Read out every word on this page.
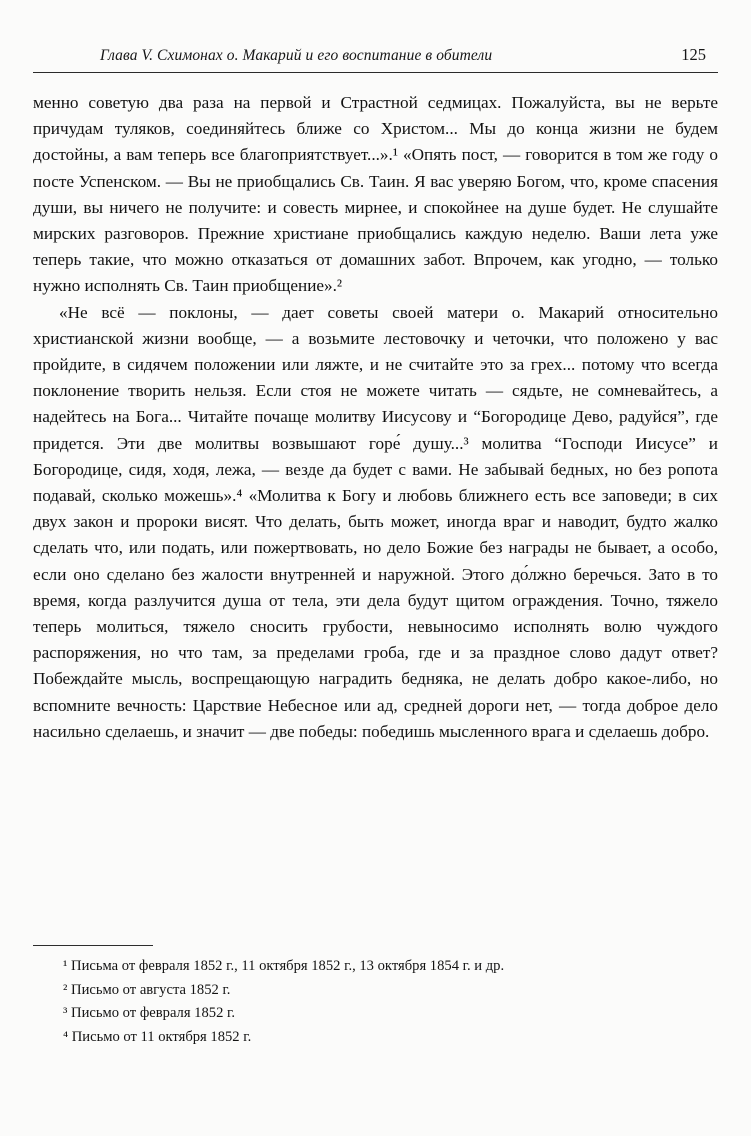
Глава V. Схимонах о. Макарий и его воспитание в обители	125

менно советую два раза на первой и Страстной седмицах. Пожалуйста, вы не верьте причудам туляков, соединяйтесь ближе со Христом... Мы до конца жизни не будем достойны, а вам теперь все благоприятствует...».¹ «Опять пост, — говорится в том же году о посте Успенском. — Вы не приобщались Св. Таин. Я вас уверяю Богом, что, кроме спасения души, вы ничего не получите: и совесть мирнее, и спокойнее на душе будет. Не слушайте мирских разговоров. Прежние христиане приобщались каждую неделю. Ваши лета уже теперь такие, что можно отказаться от домашних забот. Впрочем, как угодно, — только нужно исполнять Св. Таин приобщение».²

«Не всё — поклоны, — дает советы своей матери о. Макарий относительно христианской жизни вообще, — а возьмите лестовочку и четочки, что положено у вас пройдите, в сидячем положении или ляжте, и не считайте это за грех... потому что всегда поклонение творить нельзя. Если стоя не можете читать — сядьте, не сомневайтесь, а надейтесь на Бога... Читайте почаще молитву Иисусову и “Богородице Дево, радуйся”, где придется. Эти две молитвы возвышают горе́ душу...³ молитва “Господи Иисусе” и Богородице, сидя, ходя, лежа, — везде да будет с вами. Не забывай бедных, но без ропота подавай, сколько можешь».⁴ «Молитва к Богу и любовь ближнего есть все заповеди; в сих двух закон и пророки висят. Что делать, быть может, иногда враг и наводит, будто жалко сделать что, или подать, или пожертвовать, но дело Божие без награды не бывает, а особо, если оно сделано без жалости внутренней и наружной. Этого до́лжно беречься. Зато в то время, когда разлучится душа от тела, эти дела будут щитом ограждения. Точно, тяжело теперь молиться, тяжело сносить грубости, невыносимо исполнять волю чуждого распоряжения, но что там, за пределами гроба, где и за праздное слово дадут ответ? Побеждайте мысль, воспрещающую наградить бедняка, не делать добро какое-либо, но вспомните вечность: Царствие Небесное или ад, средней дороги нет, — тогда доброе дело насильно сделаешь, и значит — две победы: победишь мысленного врага и сделаешь добро.

¹ Письма от февраля 1852 г., 11 октября 1852 г., 13 октября 1854 г. и др.
² Письмо от августа 1852 г.
³ Письмо от февраля 1852 г.
⁴ Письмо от 11 октября 1852 г.
